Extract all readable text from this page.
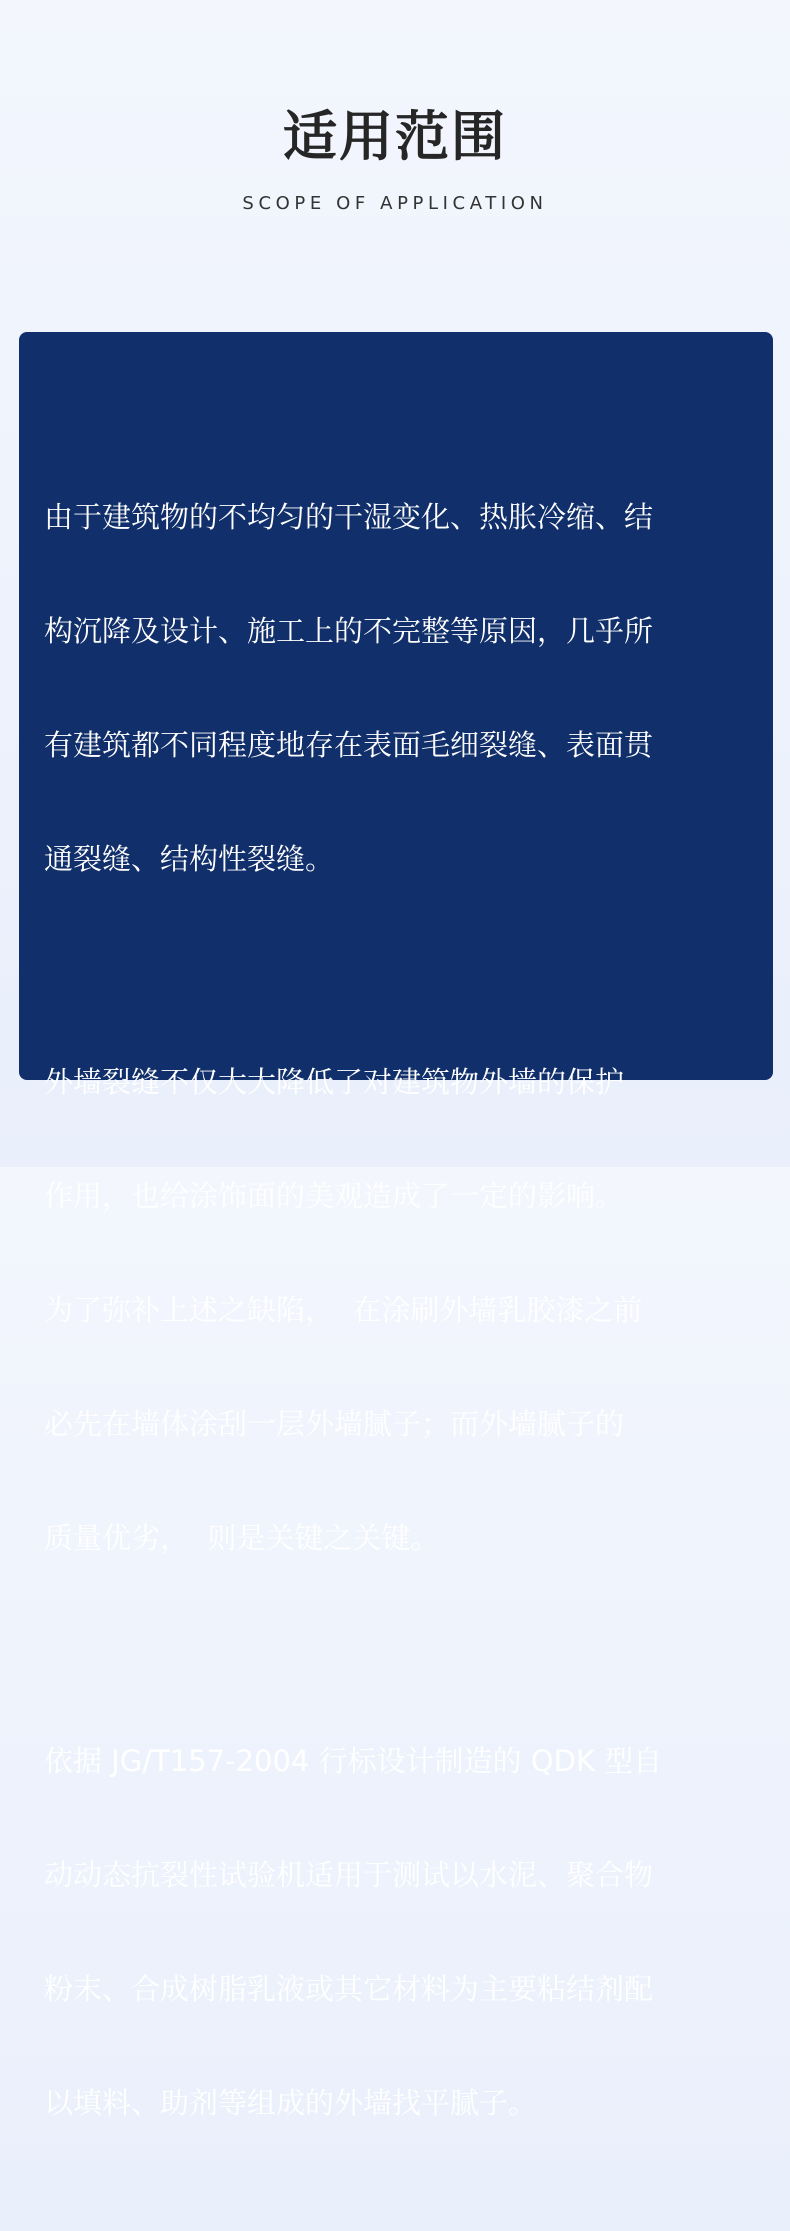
适用范围
SCOPE OF APPLICATION

由于建筑物的不均匀的干湿变化、热胀冷缩、结

构沉降及设计、施工上的不完整等原因，几乎所

有建筑都不同程度地存在表面毛细裂缝、表面贯

通裂缝、结构性裂缝。

外墙裂缝不仅大大降低了对建筑物外墙的保护

作用，也给涂饰面的美观造成了一定的影响。

为了弥补上述之缺陷，  在涂刷外墙乳胶漆之前

必先在墙体涂刮一层外墙腻子；而外墙腻子的

质量优劣，  则是关键之关键。

依据 JG/T157-2004 行标设计制造的 QDK 型自

动动态抗裂性试验机适用于测试以水泥、聚合物

粉末、合成树脂乳液或其它材料为主要粘结剂配

以填料、助剂等组成的外墙找平腻子。
